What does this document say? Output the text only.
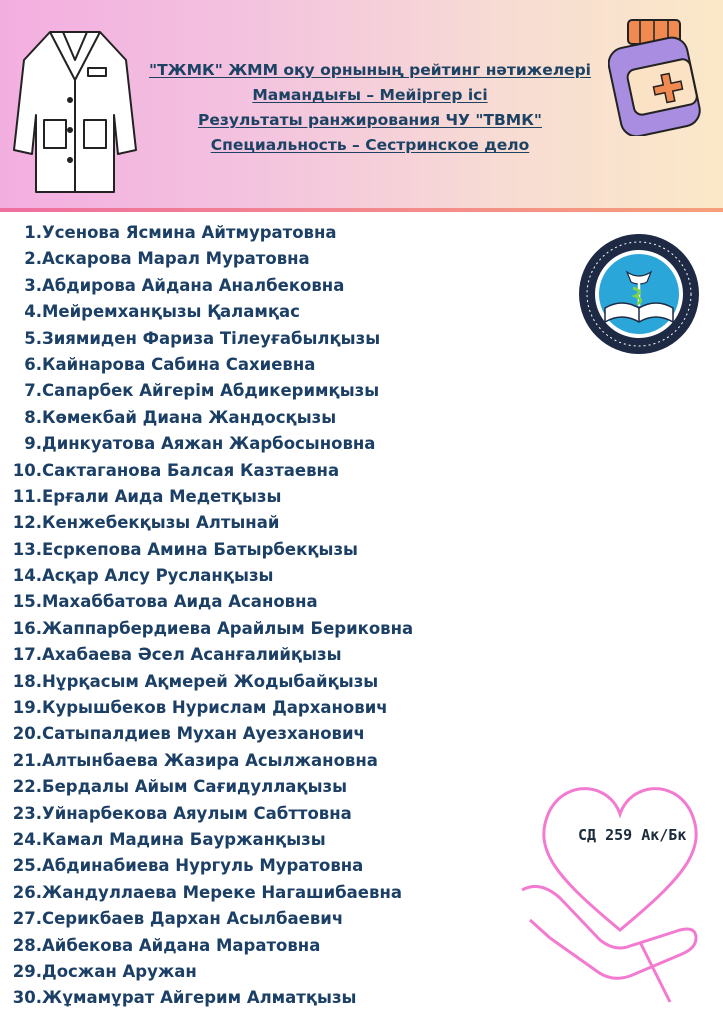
"ТЖМК" ЖММ оқу орнының рейтинг нәтижелері
Мамандығы – Мейіргер ісі
Результаты ранжирования ЧУ "ТВМК"
Специальность – Сестринское дело
1. Усенова Ясмина Айтмуратовна
2. Аскарова Марал Муратовна
3. Абдирова Айдана Аналбековна
4. Мейремханқызы Қаламқас
5. Зиямиден Фариза Тілеуғабылқызы
6. Кайнарова Сабина Сахиевна
7. Сапарбек Айгерім Абдикеримқызы
8. Көмекбай Диана Жандосқызы
9. Динкуатова Аяжан Жарбосыновна
10. Сактаганова Балсая Казтаевна
11. Ерғали Аида Медетқызы
12. Кенжебекқызы Алтынай
13. Есркепова Амина Батырбекқызы
14. Асқар Алсу Русланқызы
15. Махаббатова Аида Асановна
16. Жаппарбердиева Арайлым Бериковна
17. Ахабаева Әсел Асанғалийқызы
18. Нұрқасым Ақмерей Жодыбайқызы
19. Курышбеков Нурислам Дарханович
20. Сатыпалдиев Мухан Ауезханович
21. Алтынбаева Жазира Асылжановна
22. Бердалы Айым Сағидуллақызы
23. Уйнарбекова Аяулым Сабттовна
24. Камал Мадина Бауржанқызы
25. Абдинабиева Нургуль Муратовна
26. Жандуллаева Мереке Нагашибаевна
27. Серикбаев Дархан Асылбаевич
28. Айбекова Айдана Маратовна
29. Досжан Аружан
30. Жұмамұрат Айгерим Алматқызы
СД 259 Ак/Бк
